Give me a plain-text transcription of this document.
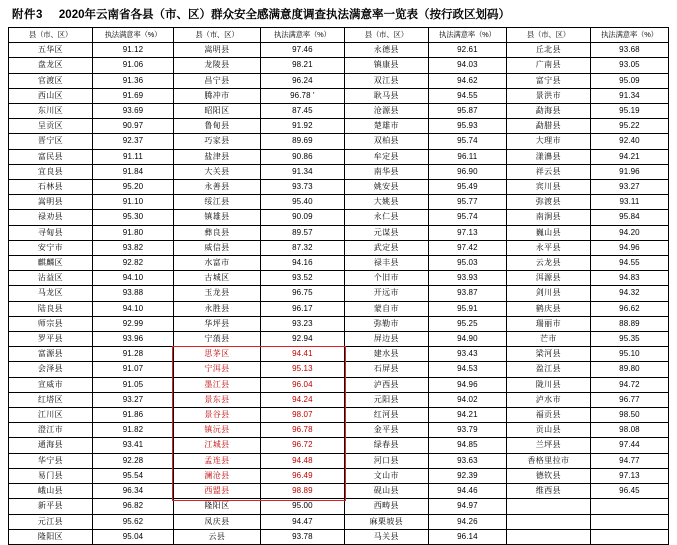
附件3 2020年云南省各县（市、区）群众安全感满意度调查执法满意率一览表（按行政区划码）
县（市、区）	执法满意率（%）	县（市、区）	执法满意率（%）	县（市、区）	执法满意率（%）	县（市、区）	执法满意率（%）
五华区	91.12	嵩明县	97.46	永德县	92.61	丘北县	93.68
盘龙区	91.06	龙陵县	98.21	镇康县	94.03	广南县	93.05
官渡区	91.36	昌宁县	96.24	双江县	94.62	富宁县	95.09
西山区	91.69	腾冲市	96.78 '	耿马县	94.55	景洪市	91.34
东川区	93.69	昭阳区	87.45	沧源县	95.87	勐海县	95.19
呈贡区	90.97	鲁甸县	91.92	楚雄市	95.93	勐腊县	95.22
晋宁区	92.37	巧家县	89.69	双柏县	95.74	大理市	92.40
富民县	91.11	盐津县	90.86	牟定县	96.11	漾濞县	94.21
宜良县	91.84	大关县	91.34	南华县	96.90	祥云县	91.96
石林县	95.20	永善县	93.73	姚安县	95.49	宾川县	93.27
嵩明县	91.10	绥江县	95.40	大姚县	95.77	弥渡县	93.11
禄劝县	95.30	镇雄县	90.09	永仁县	95.74	南涧县	95.84
寻甸县	91.80	彝良县	89.57	元谋县	97.13	巍山县	94.20
安宁市	93.82	威信县	87.32	武定县	97.42	永平县	94.96
麒麟区	92.82	水富市	94.16	禄丰县	95.03	云龙县	94.55
沾益区	94.10	古城区	93.52	个旧市	93.93	洱源县	94.83
马龙区	93.88	玉龙县	96.75	开远市	93.87	剑川县	94.32
陆良县	94.10	永胜县	96.17	蒙自市	95.91	鹤庆县	96.62
师宗县	92.99	华坪县	93.23	弥勒市	95.25	瑞丽市	88.89
罗平县	93.96	宁蒗县	92.94	屏边县	94.90	芒市	95.35
富源县	91.28	思茅区	94.41	建水县	93.43	梁河县	95.10
会泽县	91.07	宁洱县	95.13	石屏县	94.53	盈江县	89.80
宣威市	91.05	墨江县	96.04	泸西县	94.96	陇川县	94.72
红塔区	93.27	景东县	94.24	元阳县	94.02	泸水市	96.77
江川区	91.86	景谷县	98.07	红河县	94.21	福贡县	98.50
澄江市	91.82	镇沅县	96.78	金平县	93.79	贡山县	98.08
通海县	93.41	江城县	96.72	绿春县	94.85	兰坪县	97.44
华宁县	92.28	孟连县	94.48	河口县	93.63	香格里拉市	94.77
易门县	95.54	澜沧县	96.49	文山市	92.39	德钦县	97.13
峨山县	96.34	西盟县	98.89	砚山县	94.46	维西县	96.45
新平县	96.82	隆阳区	95.00	西畴县	94.97		
元江县	95.62	凤庆县	94.47	麻栗坡县	94.26		
隆阳区	95.04	云县	93.78	马关县	96.14		
